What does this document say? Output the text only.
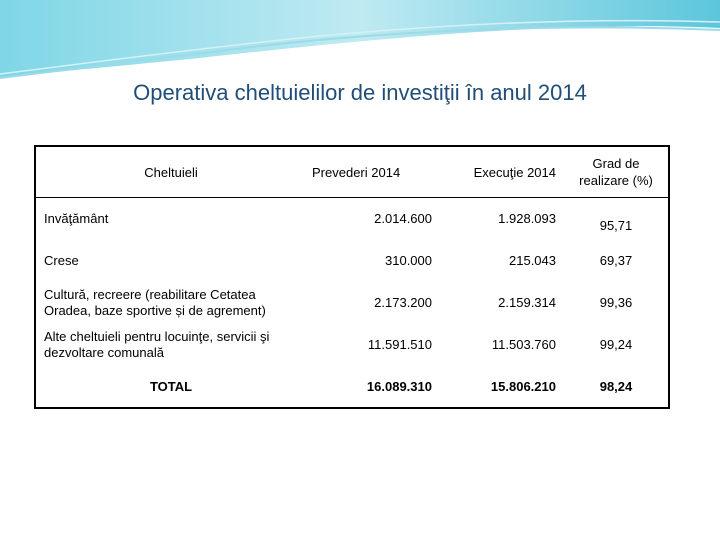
Operativa cheltuielilor de investiţii în anul 2014
Cheltuieli	Prevederi 2014	Execuţie 2014	Grad de realizare (%)
Invăţământ	2.014.600	1.928.093	95,71
Crese	310.000	215.043	69,37
Cultură, recreere (reabilitare Cetatea Oradea, baze sportive și de agrement)	2.173.200	2.159.314	99,36
Alte cheltuieli pentru locuinţe, servicii şi dezvoltare comunală	11.591.510	11.503.760	99,24
TOTAL	16.089.310	15.806.210	98,24
